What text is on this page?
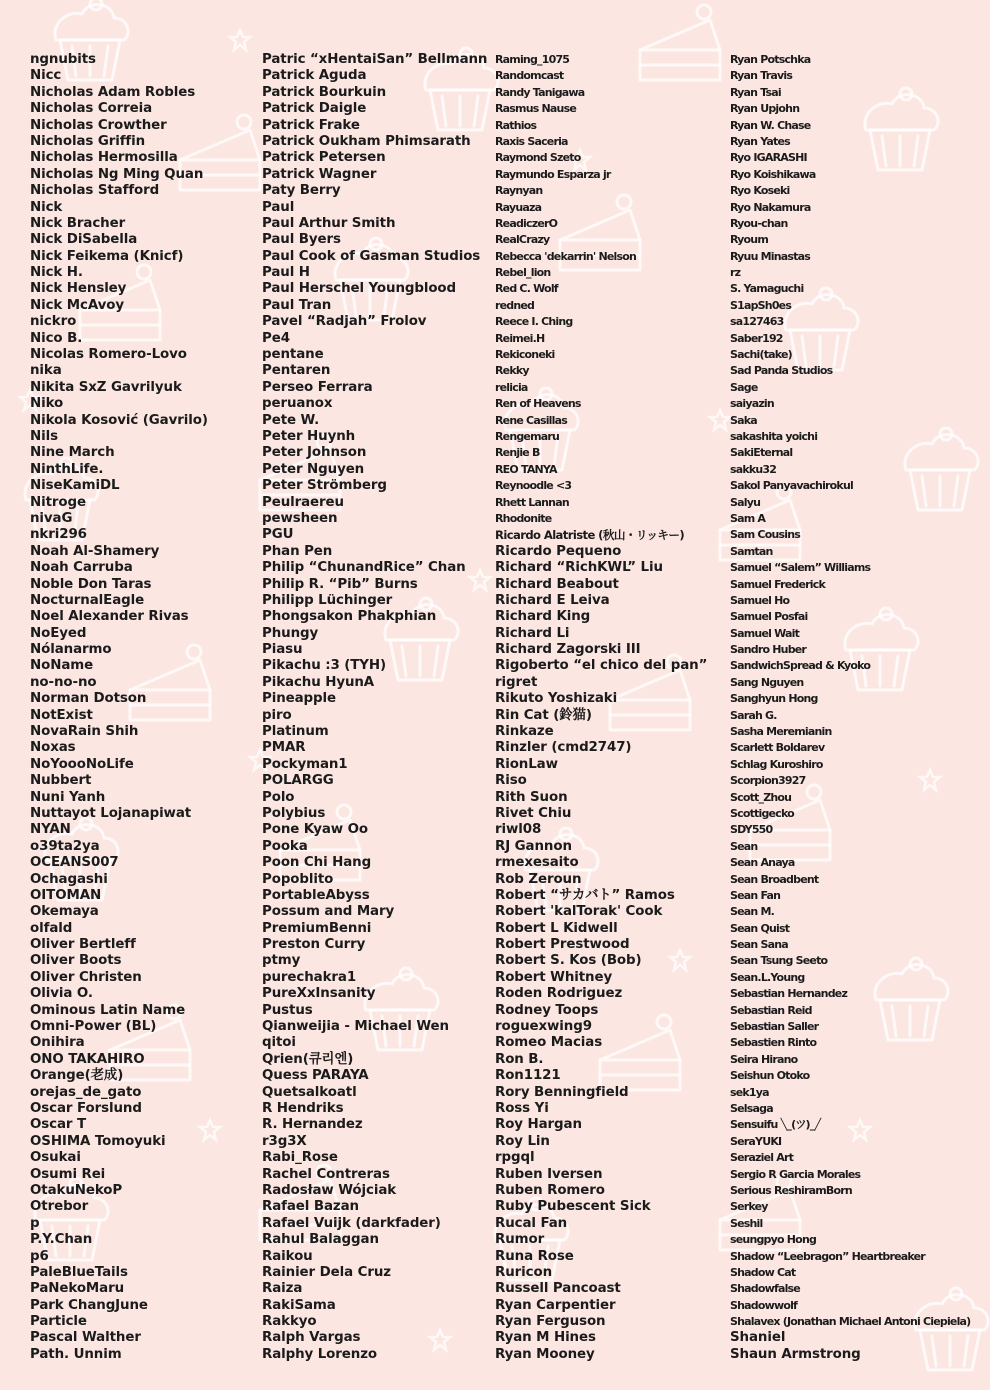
ngnubits
Nicc
Nicholas Adam Robles
Nicholas Correia
Nicholas Crowther
Nicholas Griffin
Nicholas Hermosilla
Nicholas Ng Ming Quan
Nicholas Stafford
Nick
Nick Bracher
Nick DiSabella
Nick Feikema (Knicf)
Nick H.
Nick Hensley
Nick McAvoy
nickro
Nico B.
Nicolas Romero-Lovo
nika
Nikita SxZ Gavrilyuk
Niko
Nikola Kosović (Gavrilo)
Nils
Nine March
NinthLife.
NiseKamiDL
Nitroge
nivaG
nkri296
Noah Al-Shamery
Noah Carruba
Noble Don Taras
NocturnalEagle
Noel Alexander Rivas
NoEyed
Nólanarmo
NoName
no-no-no
Norman Dotson
NotExist
NovaRain Shih
Noxas
NoYoooNoLife
Nubbert
Nuni Yanh
Nuttayot Lojanapiwat
NYAN
o39ta2ya
OCEANS007
Ochagashi
OITOMAN
Okemaya
olfald
Oliver Bertleff
Oliver Boots
Oliver Christen
Olivia O.
Ominous Latin Name
Omni-Power (BL)
Onihira
ONO TAKAHIRO
Orange(老成)
orejas_de_gato
Oscar Forslund
Oscar T
OSHIMA Tomoyuki
Osukai
Osumi Rei
OtakuNekoP
Otrebor
p
P.Y.Chan
p6
PaleBlueTails
PaNekoMaru
Park ChangJune
Particle
Pascal Walther
Path. Unnim
Patric “xHentaiSan” Bellmann
Patrick Aguda
Patrick Bourkuin
Patrick Daigle
Patrick Frake
Patrick Oukham Phimsarath
Patrick Petersen
Patrick Wagner
Paty Berry
Paul
Paul Arthur Smith
Paul Byers
Paul Cook of Gasman Studios
Paul H
Paul Herschel Youngblood
Paul Tran
Pavel “Radjah” Frolov
Pe4
pentane
Pentaren
Perseo Ferrara
peruanox
Pete W.
Peter Huynh
Peter Johnson
Peter Nguyen
Peter Strömberg
Peulraereu
pewsheen
PGU
Phan Pen
Philip “ChunandRice” Chan
Philip R. “Pib” Burns
Philipp Lüchinger
Phongsakon Phakphian
Phungy
Piasu
Pikachu :3 (TYH)
Pikachu HyunA
Pineapple
piro
Platinum
PMAR
Pockyman1
POLARGG
Polo
Polybius
Pone Kyaw Oo
Pooka
Poon Chi Hang
Popoblito
PortableAbyss
Possum and Mary
PremiumBenni
Preston Curry
ptmy
purechakra1
PureXxInsanity
Pustus
Qianweijia - Michael Wen
qitoi
Qrien(큐리엔)
Quess PARAYA
Quetsalkoatl
R Hendriks
R. Hernandez
r3g3X
Rabi_Rose
Rachel Contreras
Radosław Wójciak
Rafael Bazan
Rafael Vuijk (darkfader)
Rahul Balaggan
Raikou
Rainier Dela Cruz
Raiza
RakiSama
Rakkyo
Ralph Vargas
Ralphy Lorenzo
Raming_1075
Randomcast
Randy Tanigawa
Rasmus Nause
Rathios
Raxis Saceria
Raymond Szeto
Raymundo Esparza jr
Raynyan
Rayuaza
ReadiczerO
RealCrazy
Rebecca 'dekarrin' Nelson
Rebel_lion
Red C. Wolf
redned
Reece I. Ching
Reimei.H
Rekiconeki
Rekky
relicia
Ren of Heavens
Rene Casillas
Rengemaru
Renjie B
REO TANYA
Reynoodle <3
Rhett Lannan
Rhodonite
Ricardo Alatriste (秋山・リッキー)
Ricardo Pequeno
Richard “RichKWL” Liu
Richard Beabout
Richard E Leiva
Richard King
Richard Li
Richard Zagorski III
Rigoberto “el chico del pan”
rigret
Rikuto Yoshizaki
Rin Cat (鈴猫)
Rinkaze
Rinzler (cmd2747)
RionLaw
Riso
Rith Suon
Rivet Chiu
riwl08
RJ Gannon
rmexesaito
Rob Zeroun
Robert “サカバト” Ramos
Robert 'kalTorak' Cook
Robert L Kidwell
Robert Prestwood
Robert S. Kos (Bob)
Robert Whitney
Roden Rodriguez
Rodney Toops
roguexwing9
Romeo Macias
Ron B.
Ron1121
Rory Benningfield
Ross Yi
Roy Hargan
Roy Lin
rpgql
Ruben Iversen
Ruben Romero
Ruby Pubescent Sick
Rucal Fan
Rumor
Runa Rose
Ruricon
Russell Pancoast
Ryan Carpentier
Ryan Ferguson
Ryan M Hines
Ryan Mooney
Ryan Potschka
Ryan Travis
Ryan Tsai
Ryan Upjohn
Ryan W. Chase
Ryan Yates
Ryo IGARASHI
Ryo Koishikawa
Ryo Koseki
Ryo Nakamura
Ryou-chan
Ryoum
Ryuu Minastas
rz
S. Yamaguchi
S1apSh0es
sa127463
Saber192
Sachi(take)
Sad Panda Studios
Sage
saiyazin
Saka
sakashita yoichi
SakiEternal
sakku32
Sakol Panyavachirokul
Salyu
Sam A
Sam Cousins
Samtan
Samuel “Salem” Williams
Samuel Frederick
Samuel Ho
Samuel Posfai
Samuel Wait
Sandro Huber
SandwichSpread & Kyoko
Sang Nguyen
Sanghyun Hong
Sarah G.
Sasha Meremianin
Scarlett Boldarev
Schlag Kuroshiro
Scorpion3927
Scott_Zhou
Scottigecko
SDY550
Sean
Sean Anaya
Sean Broadbent
Sean Fan
Sean M.
Sean Quist
Sean Sana
Sean Tsung Seeto
Sean.L.Young
Sebastian Hernandez
Sebastian Reid
Sebastian Saller
Sebastien Rinto
Seira Hirano
Seishun Otoko
sek1ya
Selsaga
Sensuifu ╲_(ツ)_╱
SeraYUKI
Seraziel Art
Sergio R Garcia Morales
Serious ReshiramBorn
Serkey
Seshil
seungpyo Hong
Shadow “Leebragon” Heartbreaker
Shadow Cat
Shadowfalse
Shadowwolf
Shalavex (Jonathan Michael Antoni Ciepiela)
Shaniel
Shaun Armstrong
